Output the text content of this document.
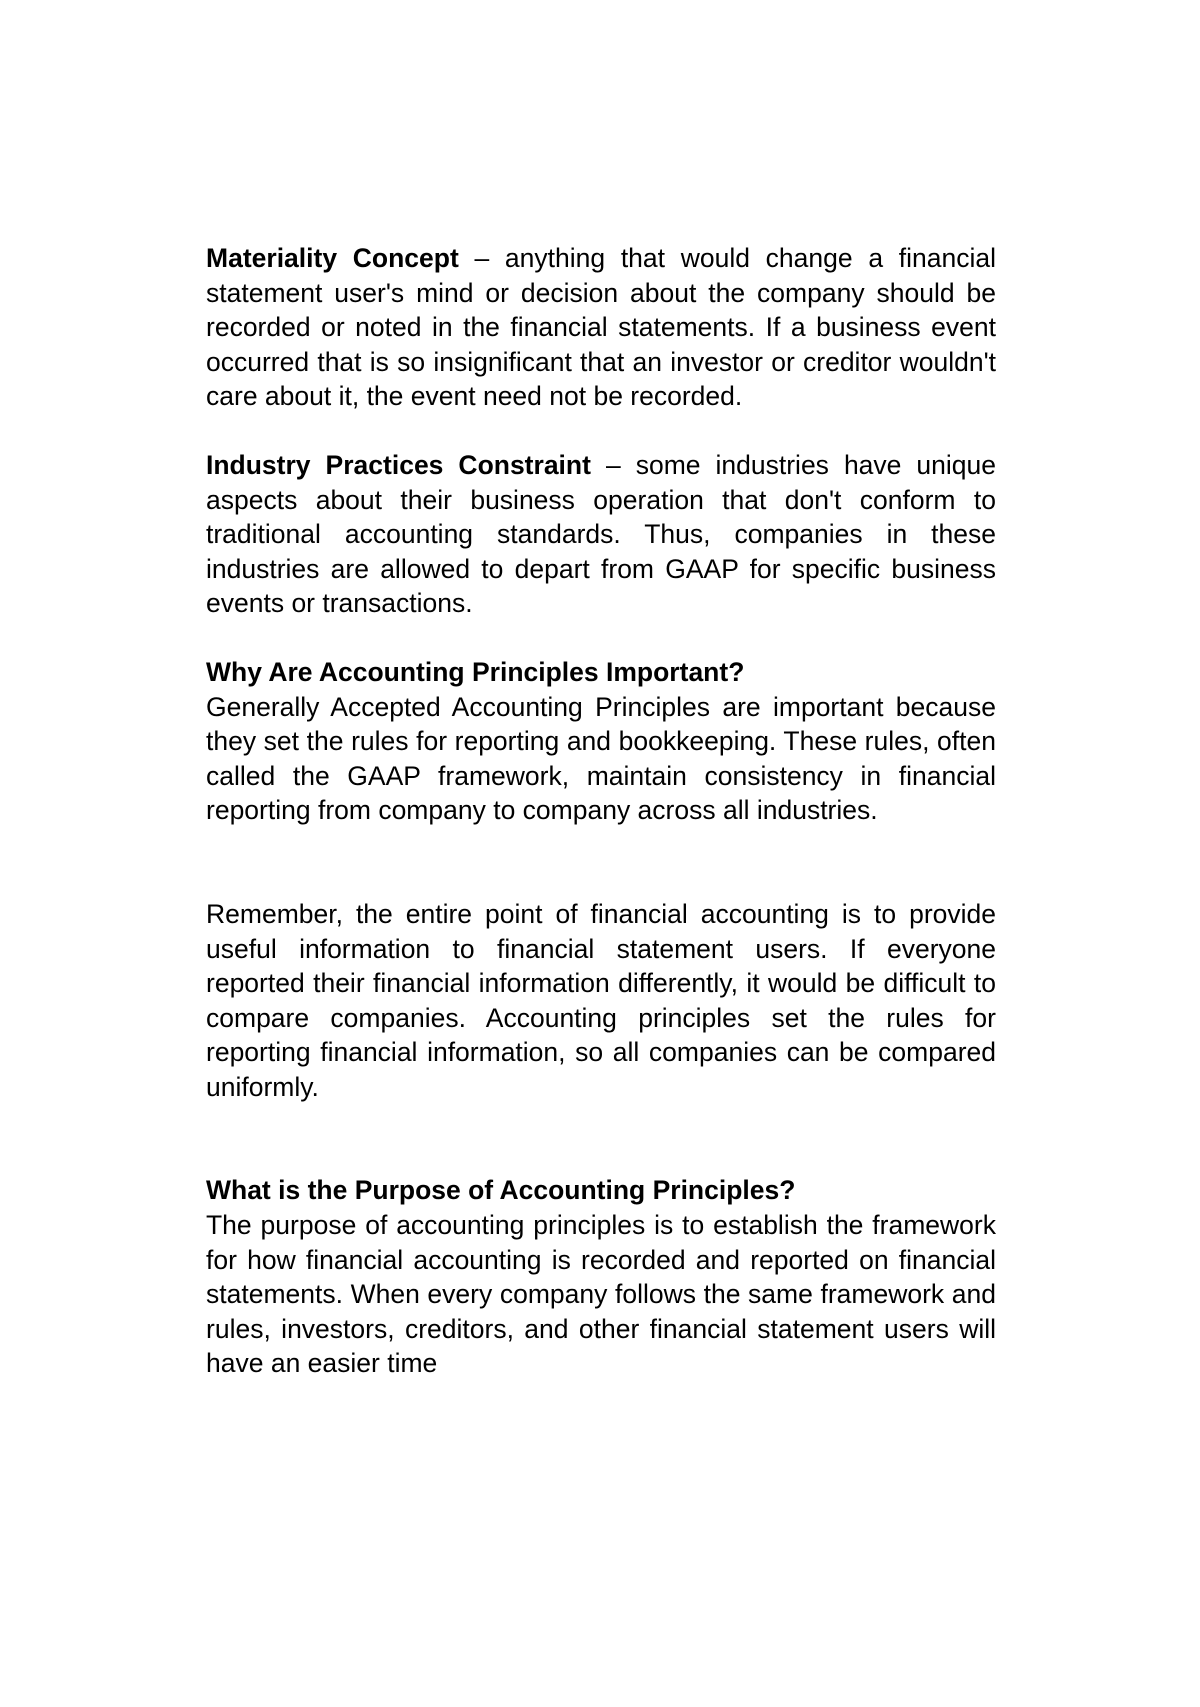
Materiality Concept – anything that would change a financial statement user's mind or decision about the company should be recorded or noted in the financial statements. If a business event occurred that is so insignificant that an investor or creditor wouldn't care about it, the event need not be recorded.

Industry Practices Constraint – some industries have unique aspects about their business operation that don't conform to traditional accounting standards. Thus, companies in these industries are allowed to depart from GAAP for specific business events or transactions.

Why Are Accounting Principles Important?

Generally Accepted Accounting Principles are important because they set the rules for reporting and bookkeeping. These rules, often called the GAAP framework, maintain consistency in financial reporting from company to company across all industries.

Remember, the entire point of financial accounting is to provide useful information to financial statement users. If everyone reported their financial information differently, it would be difficult to compare companies. Accounting principles set the rules for reporting financial information, so all companies can be compared uniformly.

What is the Purpose of Accounting Principles?

The purpose of accounting principles is to establish the framework for how financial accounting is recorded and reported on financial statements. When every company follows the same framework and rules, investors, creditors, and other financial statement users will have an easier time
